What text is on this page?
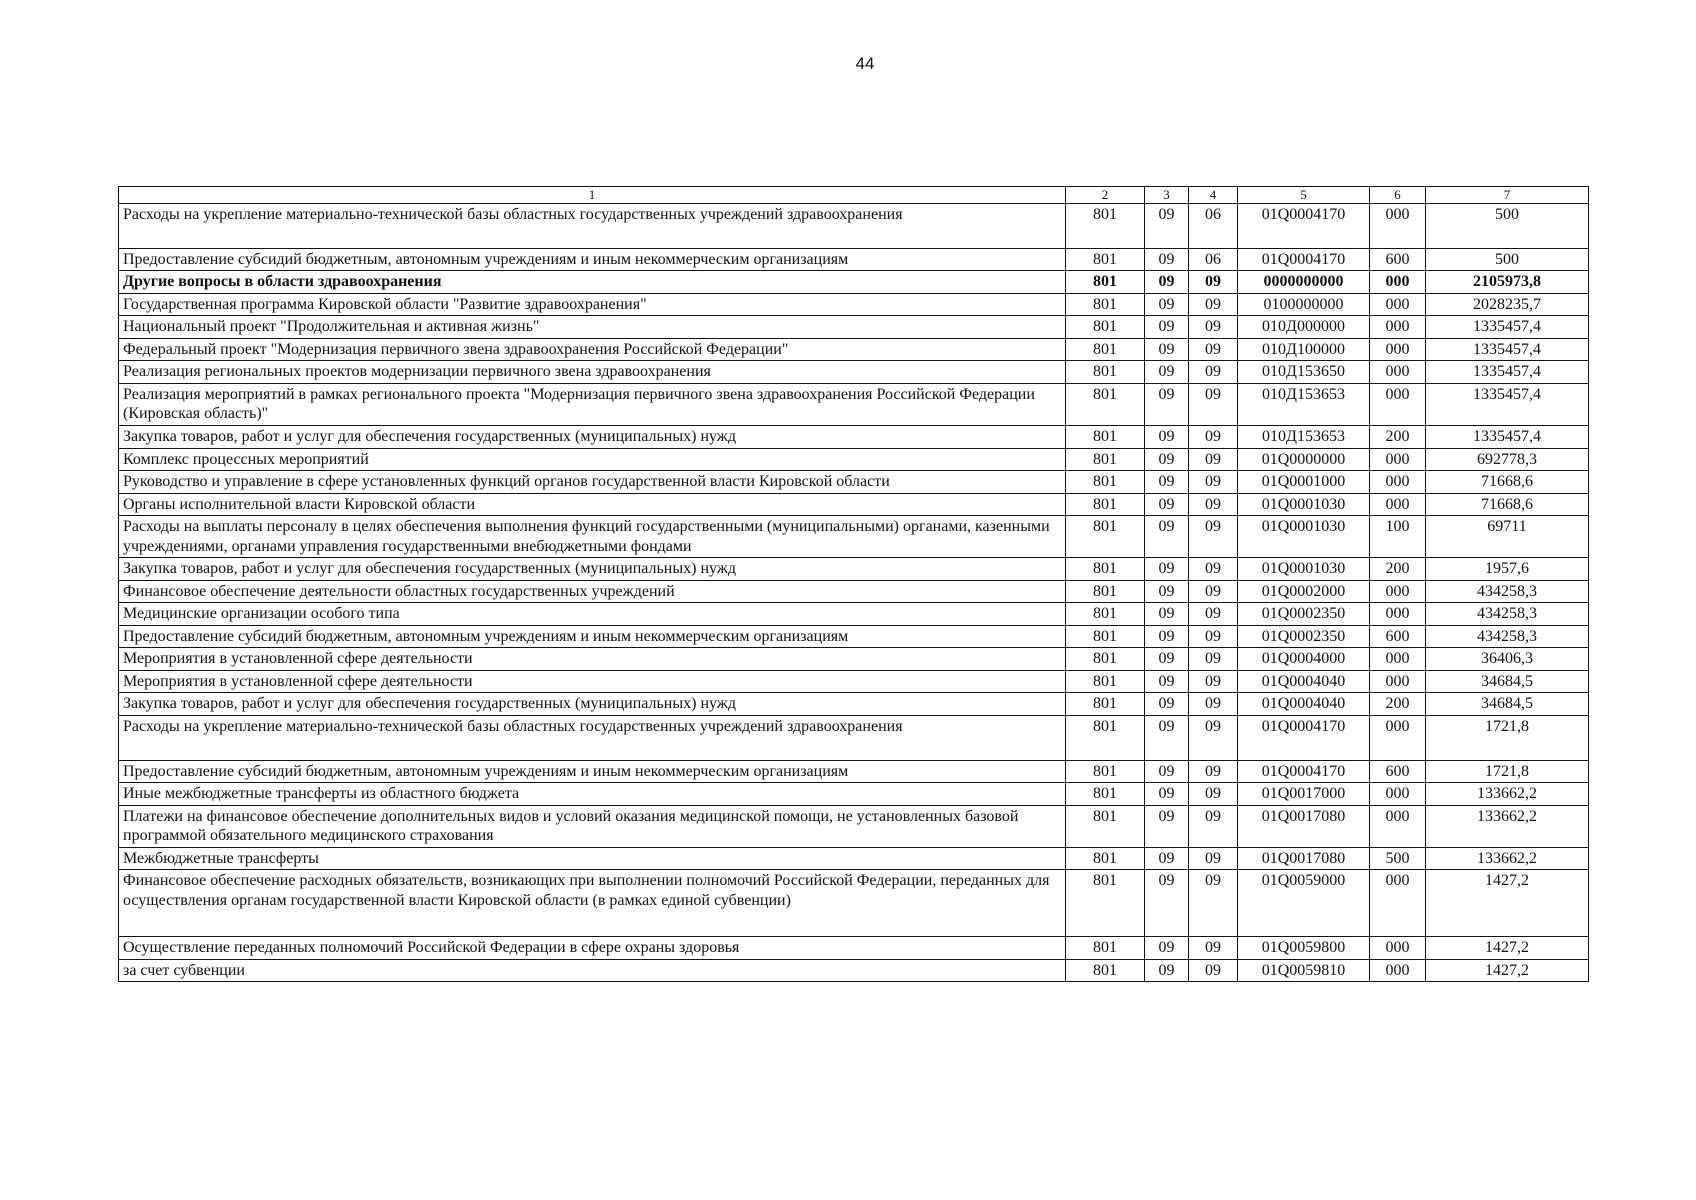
44
1	2	3	4	5	6	7
Расходы на укрепление материально-технической базы областных государственных учреждений здравоохранения	801	09	06	01Q0004170	000	500
Предоставление субсидий бюджетным, автономным учреждениям и иным некоммерческим организациям	801	09	06	01Q0004170	600	500
Другие вопросы в области здравоохранения	801	09	09	0000000000	000	2105973,8
Государственная программа Кировской области "Развитие здравоохранения"	801	09	09	0100000000	000	2028235,7
Национальный проект "Продолжительная и активная жизнь"	801	09	09	010Д000000	000	1335457,4
Федеральный проект "Модернизация первичного звена здравоохранения Российской Федерации"	801	09	09	010Д100000	000	1335457,4
Реализация региональных проектов модернизации первичного звена здравоохранения	801	09	09	010Д153650	000	1335457,4
Реализация мероприятий в рамках регионального проекта "Модернизация первичного звена здравоохранения Российской Федерации (Кировская область)"	801	09	09	010Д153653	000	1335457,4
Закупка товаров, работ и услуг для обеспечения государственных (муниципальных) нужд	801	09	09	010Д153653	200	1335457,4
Комплекс процессных мероприятий	801	09	09	01Q0000000	000	692778,3
Руководство и управление в сфере установленных функций органов государственной власти Кировской области	801	09	09	01Q0001000	000	71668,6
Органы исполнительной власти Кировской области	801	09	09	01Q0001030	000	71668,6
Расходы на выплаты персоналу в целях обеспечения выполнения функций государственными (муниципальными) органами, казенными учреждениями, органами управления государственными внебюджетными фондами	801	09	09	01Q0001030	100	69711
Закупка товаров, работ и услуг для обеспечения государственных (муниципальных) нужд	801	09	09	01Q0001030	200	1957,6
Финансовое обеспечение деятельности областных государственных учреждений	801	09	09	01Q0002000	000	434258,3
Медицинские организации особого типа	801	09	09	01Q0002350	000	434258,3
Предоставление субсидий бюджетным, автономным учреждениям и иным некоммерческим организациям	801	09	09	01Q0002350	600	434258,3
Мероприятия в установленной сфере деятельности	801	09	09	01Q0004000	000	36406,3
Мероприятия в установленной сфере деятельности	801	09	09	01Q0004040	000	34684,5
Закупка товаров, работ и услуг для обеспечения государственных (муниципальных) нужд	801	09	09	01Q0004040	200	34684,5
Расходы на укрепление материально-технической базы областных государственных учреждений здравоохранения	801	09	09	01Q0004170	000	1721,8
Предоставление субсидий бюджетным, автономным учреждениям и иным некоммерческим организациям	801	09	09	01Q0004170	600	1721,8
Иные межбюджетные трансферты из областного бюджета	801	09	09	01Q0017000	000	133662,2
Платежи на финансовое обеспечение дополнительных видов и условий оказания медицинской помощи, не установленных базовой программой обязательного медицинского страхования	801	09	09	01Q0017080	000	133662,2
Межбюджетные трансферты	801	09	09	01Q0017080	500	133662,2
Финансовое обеспечение расходных обязательств, возникающих при выполнении полномочий Российской Федерации, переданных для осуществления органам государственной власти Кировской области (в рамках единой субвенции)	801	09	09	01Q0059000	000	1427,2
Осуществление переданных полномочий Российской Федерации в сфере охраны здоровья	801	09	09	01Q0059800	000	1427,2
за счет субвенции	801	09	09	01Q0059810	000	1427,2
